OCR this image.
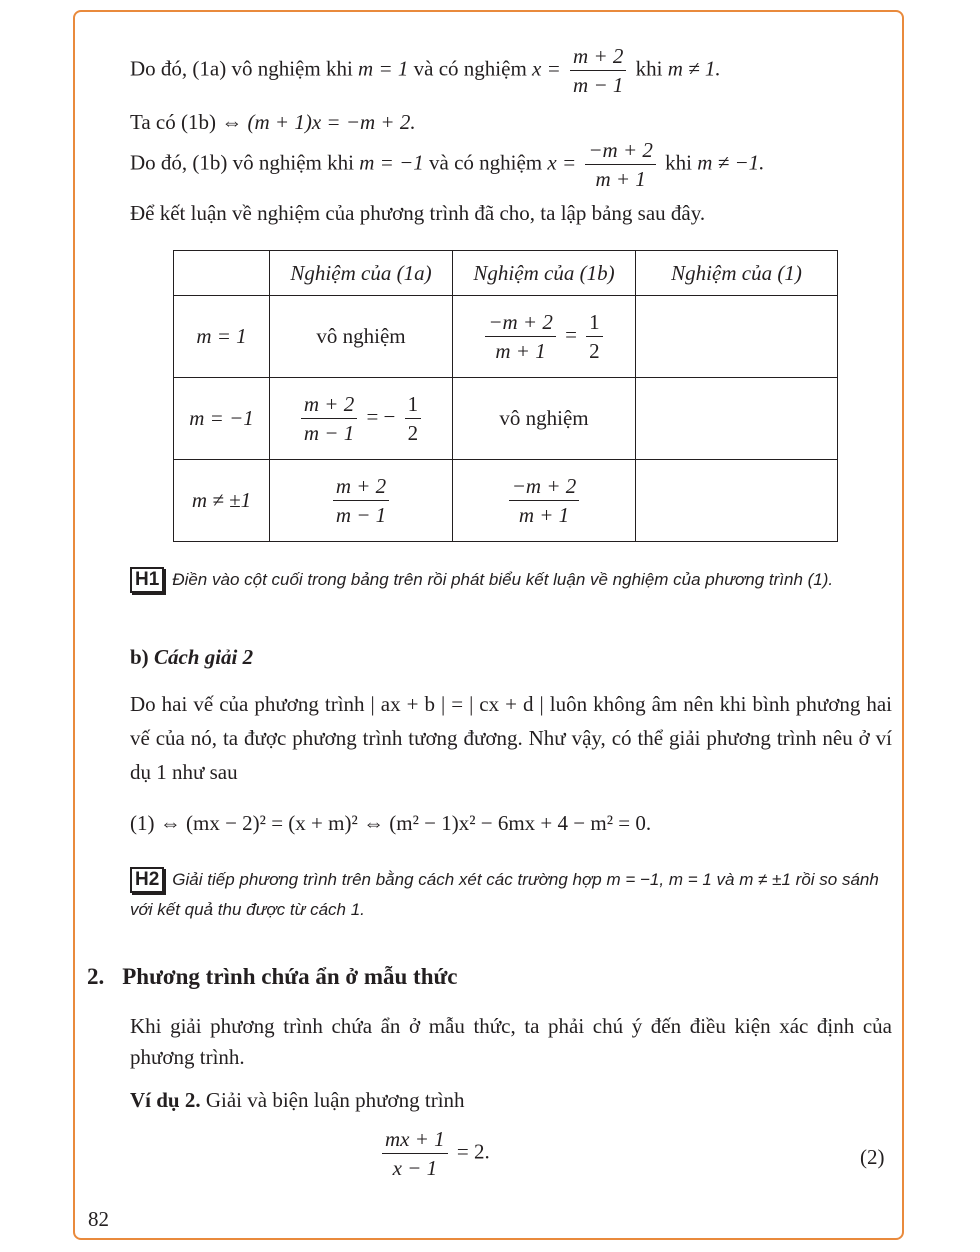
Do đó, (1a) vô nghiệm khi m = 1 và có nghiệm $x = \frac{m + 2}{m - 1}$ khi m ≠ 1.
Ta có (1b) ⇔ (m + 1)x = −m + 2.
Do đó, (1b) vô nghiệm khi m = −1 và có nghiệm $x = \frac{-m + 2}{m + 1}$ khi m ≠ −1.
Để kết luận về nghiệm của phương trình đã cho, ta lập bảng sau đây.
	Nghiệm của (1a)	Nghiệm của (1b)	Nghiệm của (1)
m = 1	vô nghiệm	$\frac{-m + 2}{m + 1} = \frac{1}{2}$

m = −1	$\frac{m + 2}{m - 1}$ = − $\frac{1}{2}$	vô nghiệm	
m ≠ ±1	$\frac{m + 2}{m - 1}$	$\frac{-m + 2}{m + 1}$

H1 Điền vào cột cuối trong bảng trên rồi phát biểu kết luận về nghiệm của phương trình (1).
b) Cách giải 2
Do hai vế của phương trình | ax + b | = | cx + d | luôn không âm nên khi bình phương hai vế của nó, ta được phương trình tương đương. Như vậy, có thể giải phương trình nêu ở ví dụ 1 như sau
(1) ⇔ (mx − 2)² = (x + m)² ⇔ (m² − 1)x² − 6mx + 4 − m² = 0.
H2 Giải tiếp phương trình trên bằng cách xét các trường hợp m = −1, m = 1 và m ≠ ±1 rồi so sánh với kết quả thu được từ cách 1.
2. Phương trình chứa ẩn ở mẫu thức
Khi giải phương trình chứa ẩn ở mẫu thức, ta phải chú ý đến điều kiện xác định của phương trình.
Ví dụ 2. Giải và biện luận phương trình
$\frac{mx + 1}{x - 1} = 2$.	(2)
82
